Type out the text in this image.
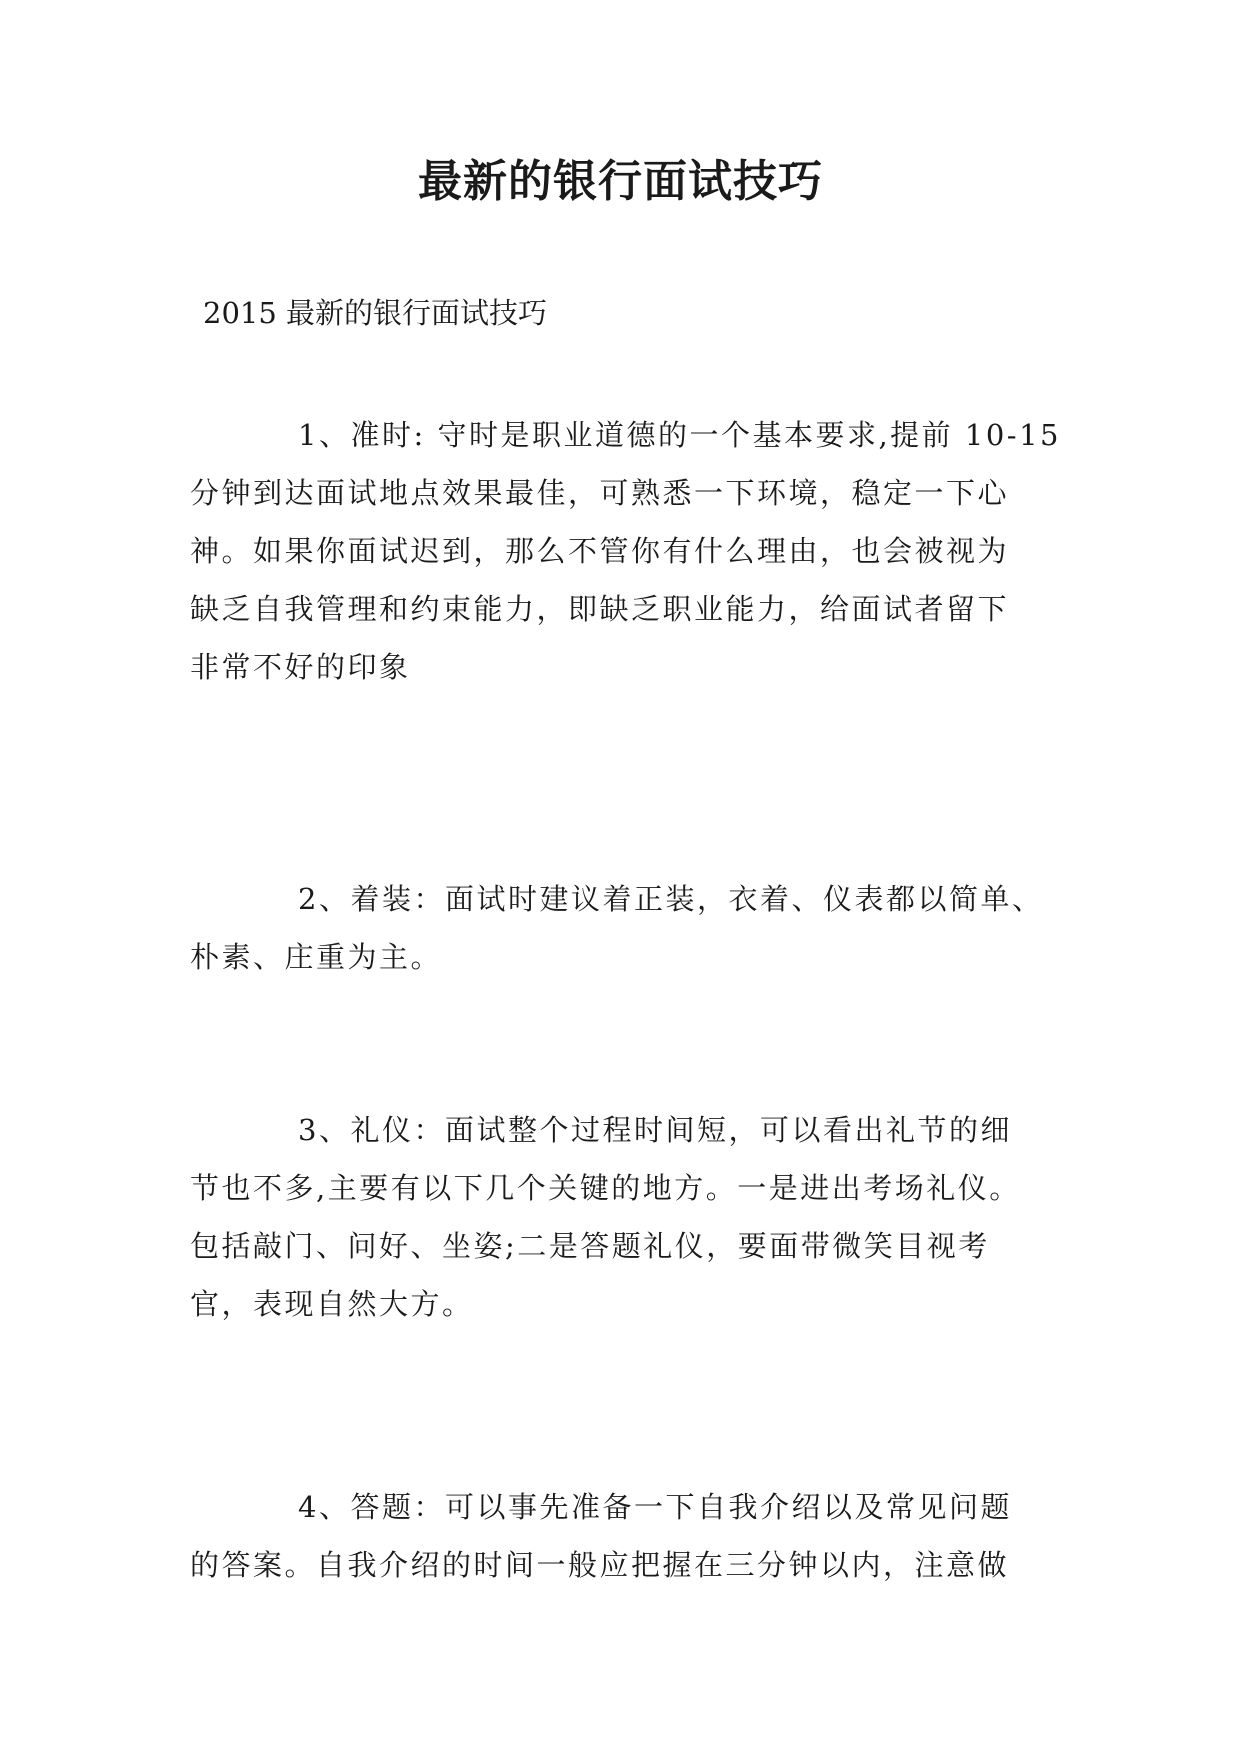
最新的银行面试技巧

2015 最新的银行面试技巧

1、准时: 守时是职业道德的一个基本要求,提前 10-15
分钟到达面试地点效果最佳，可熟悉一下环境，稳定一下心
神。如果你面试迟到，那么不管你有什么理由，也会被视为
缺乏自我管理和约束能力，即缺乏职业能力，给面试者留下
非常不好的印象
2、着装：面试时建议着正装，衣着、仪表都以简单、
朴素、庄重为主。
3、礼仪：面试整个过程时间短，可以看出礼节的细
节也不多,主要有以下几个关键的地方。一是进出考场礼仪。
包括敲门、问好、坐姿;二是答题礼仪，要面带微笑目视考
官，表现自然大方。
4、答题：可以事先准备一下自我介绍以及常见问题
的答案。自我介绍的时间一般应把握在三分钟以内，注意做
